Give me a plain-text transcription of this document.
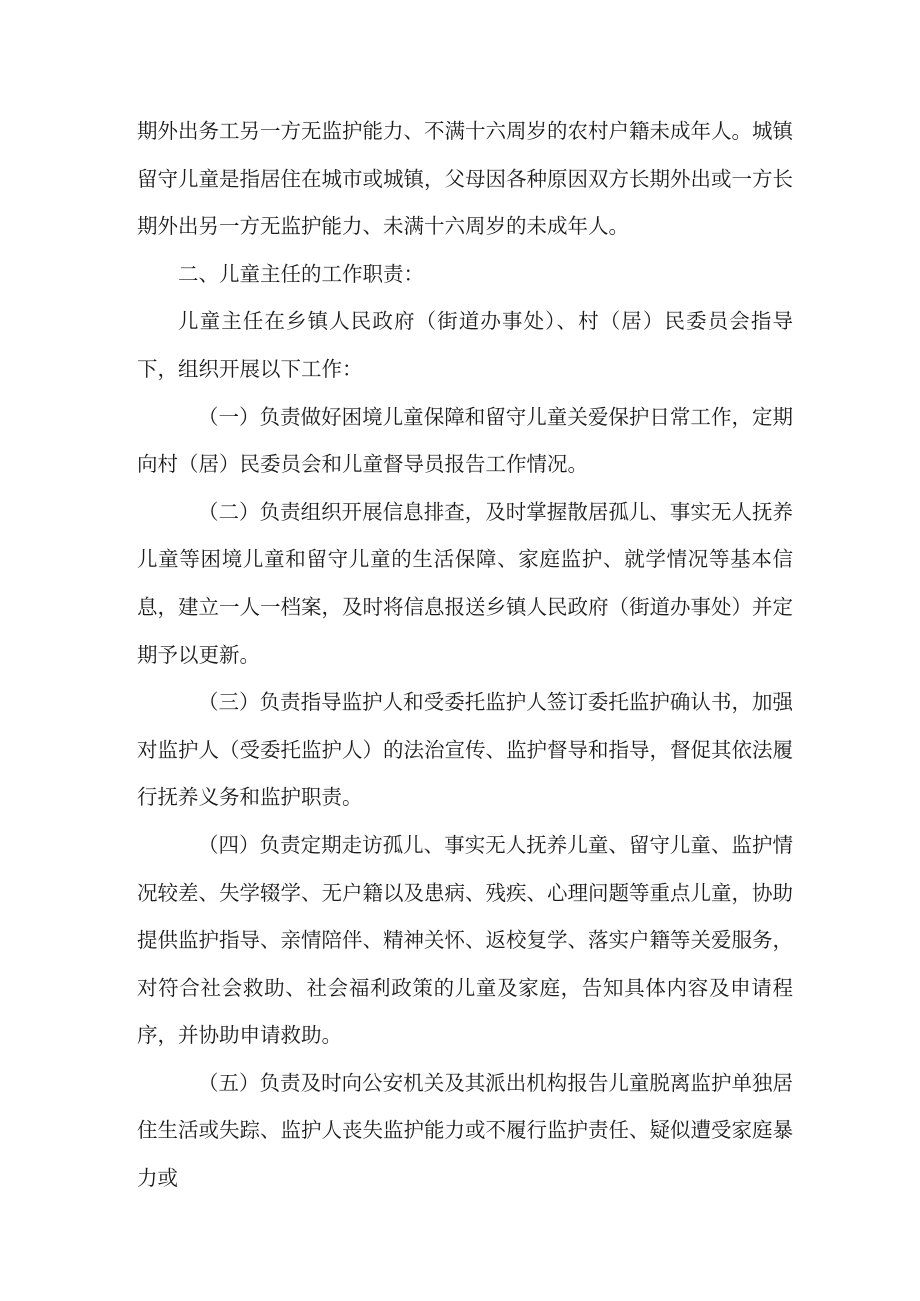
期外出务工另一方无监护能力、不满十六周岁的农村户籍未成年人。城镇留守儿童是指居住在城市或城镇，父母因各种原因双方长期外出或一方长期外出另一方无监护能力、未满十六周岁的未成年人。

二、儿童主任的工作职责：

儿童主任在乡镇人民政府（街道办事处）、村（居）民委员会指导下，组织开展以下工作：

（一）负责做好困境儿童保障和留守儿童关爱保护日常工作，定期向村（居）民委员会和儿童督导员报告工作情况。

（二）负责组织开展信息排查，及时掌握散居孤儿、事实无人抚养儿童等困境儿童和留守儿童的生活保障、家庭监护、就学情况等基本信息，建立一人一档案，及时将信息报送乡镇人民政府（街道办事处）并定期予以更新。

（三）负责指导监护人和受委托监护人签订委托监护确认书，加强对监护人（受委托监护人）的法治宣传、监护督导和指导，督促其依法履行抚养义务和监护职责。

（四）负责定期走访孤儿、事实无人抚养儿童、留守儿童、监护情况较差、失学辍学、无户籍以及患病、残疾、心理问题等重点儿童，协助提供监护指导、亲情陪伴、精神关怀、返校复学、落实户籍等关爱服务，对符合社会救助、社会福利政策的儿童及家庭，告知具体内容及申请程序，并协助申请救助。

（五）负责及时向公安机关及其派出机构报告儿童脱离监护单独居住生活或失踪、监护人丧失监护能力或不履行监护责任、疑似遭受家庭暴力或
